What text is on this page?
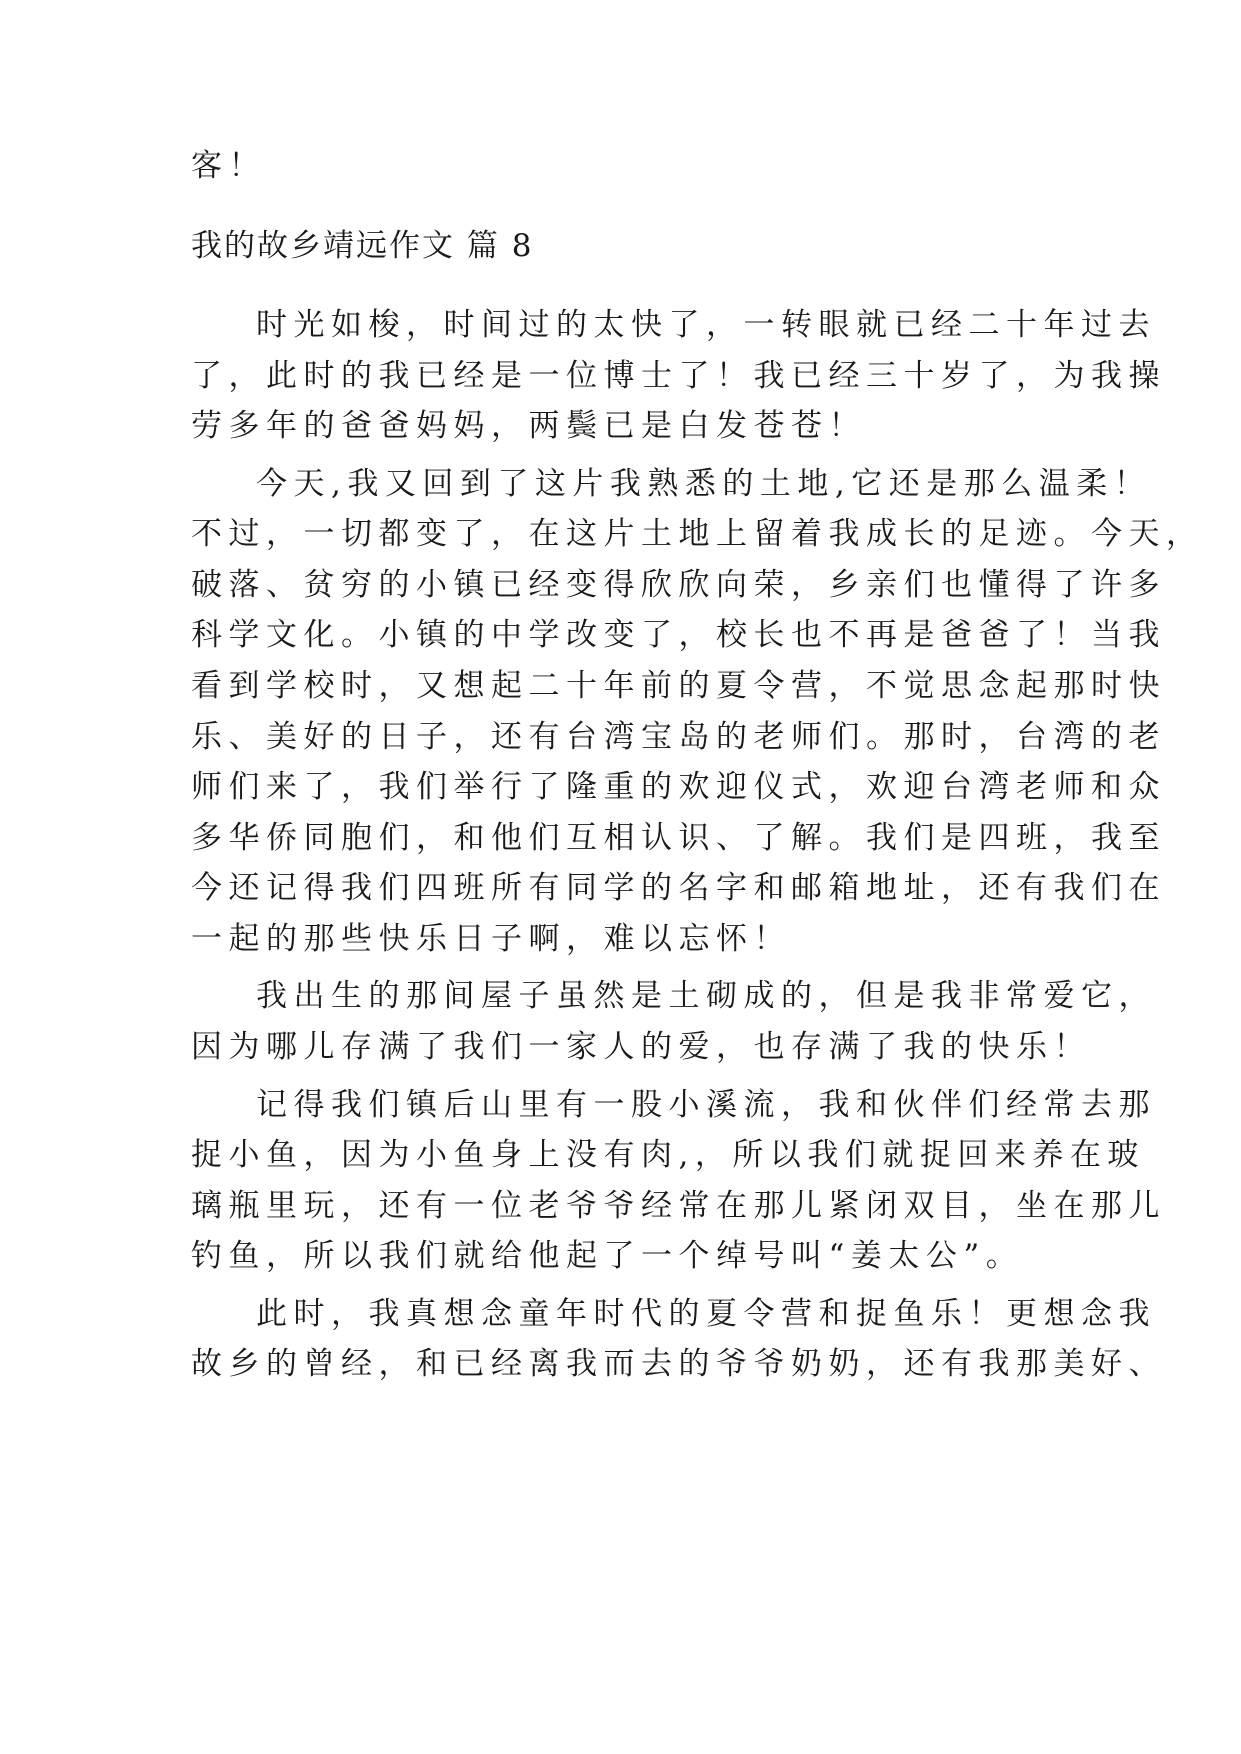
客！
我的故乡靖远作文 篇 8
时光如梭，时间过的太快了，一转眼就已经二十年过去
了，此时的我已经是一位博士了！我已经三十岁了，为我操
劳多年的爸爸妈妈，两鬓已是白发苍苍！
今天,我又回到了这片我熟悉的土地,它还是那么温柔！
不过，一切都变了，在这片土地上留着我成长的足迹。今天，
破落、贫穷的小镇已经变得欣欣向荣，乡亲们也懂得了许多
科学文化。小镇的中学改变了，校长也不再是爸爸了！当我
看到学校时，又想起二十年前的夏令营，不觉思念起那时快
乐、美好的日子，还有台湾宝岛的老师们。那时，台湾的老
师们来了，我们举行了隆重的欢迎仪式，欢迎台湾老师和众
多华侨同胞们，和他们互相认识、了解。我们是四班，我至
今还记得我们四班所有同学的名字和邮箱地址，还有我们在
一起的那些快乐日子啊，难以忘怀！
我出生的那间屋子虽然是土砌成的，但是我非常爱它，
因为哪儿存满了我们一家人的爱，也存满了我的快乐！
记得我们镇后山里有一股小溪流，我和伙伴们经常去那
捉小鱼，因为小鱼身上没有肉,，所以我们就捉回来养在玻
璃瓶里玩，还有一位老爷爷经常在那儿紧闭双目，坐在那儿
钓鱼，所以我们就给他起了一个绰号叫“姜太公”。
此时，我真想念童年时代的夏令营和捉鱼乐！更想念我
故乡的曾经，和已经离我而去的爷爷奶奶，还有我那美好、
